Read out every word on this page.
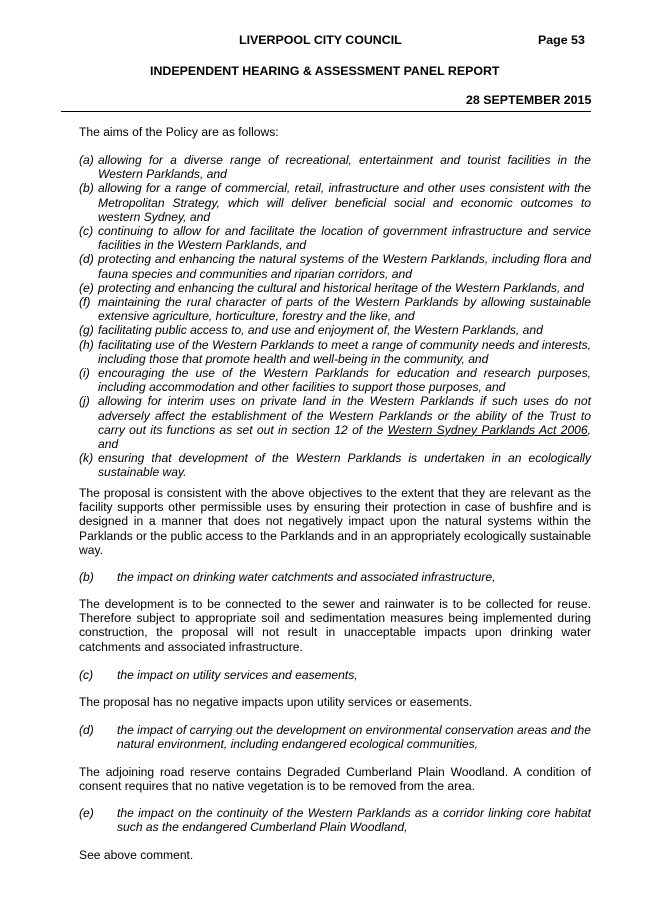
LIVERPOOL CITY COUNCIL	Page 53
INDEPENDENT HEARING & ASSESSMENT PANEL REPORT
28 SEPTEMBER 2015

The aims of the Policy are as follows:

(a) allowing for a diverse range of recreational, entertainment and tourist facilities in the Western Parklands, and
(b) allowing for a range of commercial, retail, infrastructure and other uses consistent with the Metropolitan Strategy, which will deliver beneficial social and economic outcomes to western Sydney, and
(c) continuing to allow for and facilitate the location of government infrastructure and service facilities in the Western Parklands, and
(d) protecting and enhancing the natural systems of the Western Parklands, including flora and fauna species and communities and riparian corridors, and
(e) protecting and enhancing the cultural and historical heritage of the Western Parklands, and
(f) maintaining the rural character of parts of the Western Parklands by allowing sustainable extensive agriculture, horticulture, forestry and the like, and
(g) facilitating public access to, and use and enjoyment of, the Western Parklands, and
(h) facilitating use of the Western Parklands to meet a range of community needs and interests, including those that promote health and well-being in the community, and
(i) encouraging the use of the Western Parklands for education and research purposes, including accommodation and other facilities to support those purposes, and
(j) allowing for interim uses on private land in the Western Parklands if such uses do not adversely affect the establishment of the Western Parklands or the ability of the Trust to carry out its functions as set out in section 12 of the Western Sydney Parklands Act 2006, and
(k) ensuring that development of the Western Parklands is undertaken in an ecologically sustainable way.

The proposal is consistent with the above objectives to the extent that they are relevant as the facility supports other permissible uses by ensuring their protection in case of bushfire and is designed in a manner that does not negatively impact upon the natural systems within the Parklands or the public access to the Parklands and in an appropriately ecologically sustainable way.

(b) the impact on drinking water catchments and associated infrastructure,

The development is to be connected to the sewer and rainwater is to be collected for reuse. Therefore subject to appropriate soil and sedimentation measures being implemented during construction, the proposal will not result in unacceptable impacts upon drinking water catchments and associated infrastructure.

(c) the impact on utility services and easements,

The proposal has no negative impacts upon utility services or easements.

(d) the impact of carrying out the development on environmental conservation areas and the natural environment, including endangered ecological communities,

The adjoining road reserve contains Degraded Cumberland Plain Woodland. A condition of consent requires that no native vegetation is to be removed from the area.

(e) the impact on the continuity of the Western Parklands as a corridor linking core habitat such as the endangered Cumberland Plain Woodland,

See above comment.
